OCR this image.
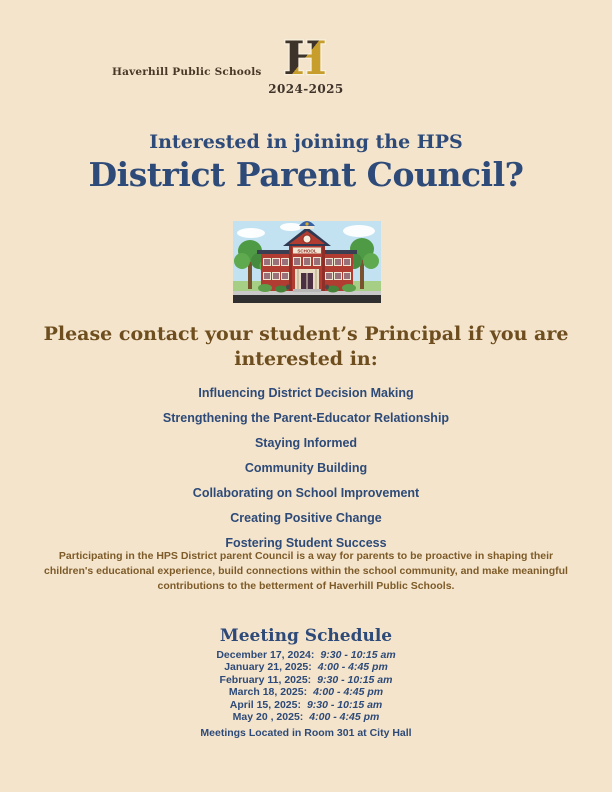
Haverhill Public Schools H
2024-2025
Interested in joining the HPS
District Parent Council?
SCHOOL
Please contact your student’s Principal if you are
interested in:
Influencing District Decision Making
Strengthening the Parent-Educator Relationship
Staying Informed
Community Building
Collaborating on School Improvement
Creating Positive Change
Fostering Student Success
Participating in the HPS District parent Council is a way for parents to be proactive in shaping their children's educational experience, build connections within the school community, and make meaningful contributions to the betterment of Haverhill Public Schools.
Meeting Schedule
December 17, 2024: 9:30 - 10:15 am
January 21, 2025: 4:00 - 4:45 pm
February 11, 2025: 9:30 - 10:15 am
March 18, 2025: 4:00 - 4:45 pm
April 15, 2025: 9:30 - 10:15 am
May 20 , 2025: 4:00 - 4:45 pm
Meetings Located in Room 301 at City Hall
